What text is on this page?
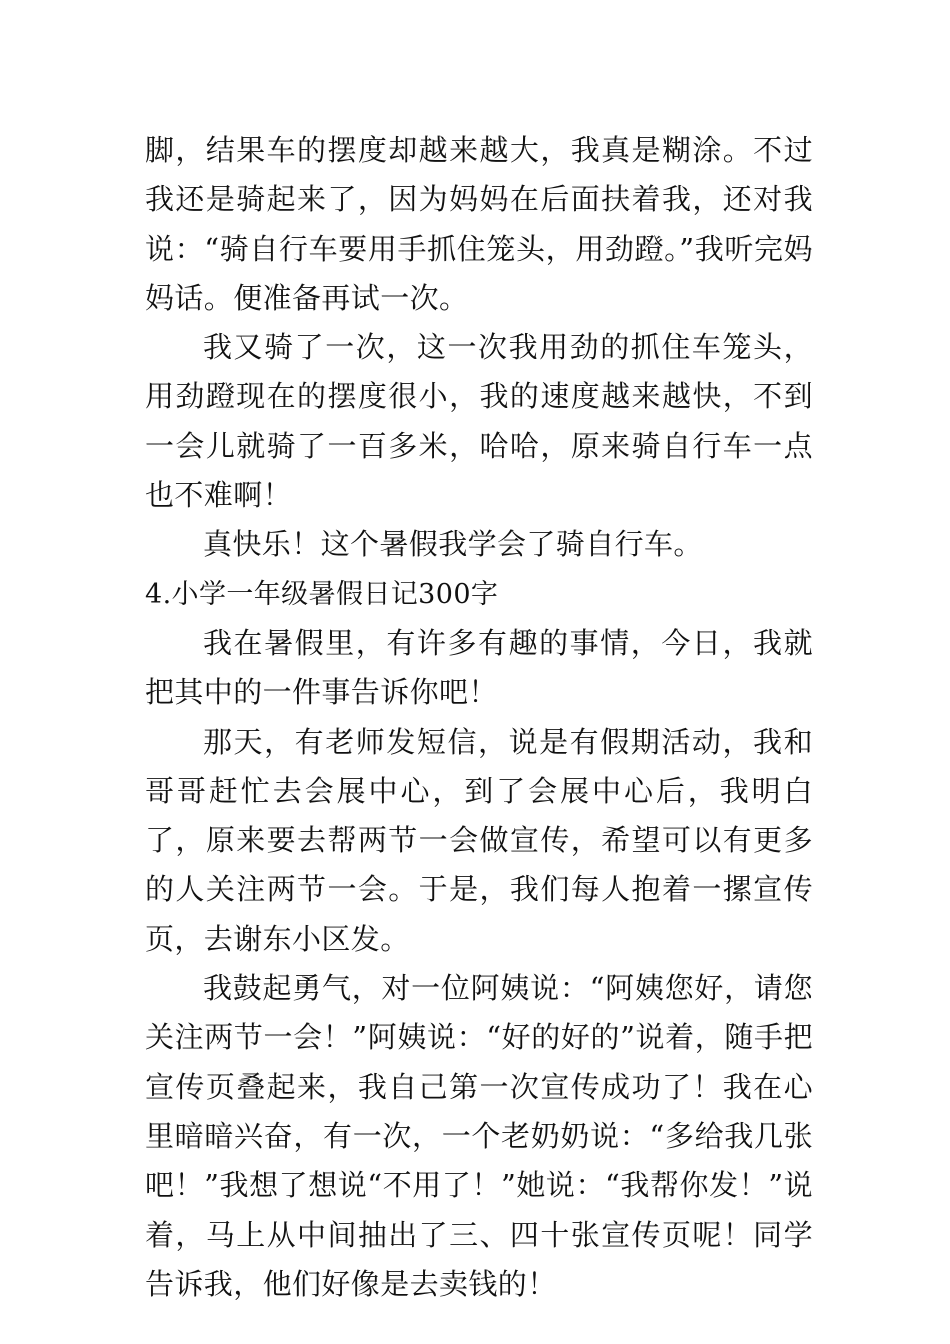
脚，结果车的摆度却越来越大，我真是糊涂。不过我还是骑起来了，因为妈妈在后面扶着我，还对我说：“骑自行车要用手抓住笼头，用劲蹬。”我听完妈妈话。便准备再试一次。

我又骑了一次，这一次我用劲的抓住车笼头，用劲蹬现在的摆度很小，我的速度越来越快，不到一会儿就骑了一百多米，哈哈，原来骑自行车一点也不难啊！

真快乐！这个暑假我学会了骑自行车。

4.小学一年级暑假日记300字

我在暑假里，有许多有趣的事情，今日，我就把其中的一件事告诉你吧！

那天，有老师发短信，说是有假期活动，我和哥哥赶忙去会展中心，到了会展中心后，我明白了，原来要去帮两节一会做宣传，希望可以有更多的人关注两节一会。于是，我们每人抱着一摞宣传页，去谢东小区发。

我鼓起勇气，对一位阿姨说：“阿姨您好，请您关注两节一会！”阿姨说：“好的好的”说着，随手把宣传页叠起来，我自己第一次宣传成功了！我在心里暗暗兴奋，有一次，一个老奶奶说：“多给我几张吧！”我想了想说“不用了！”她说：“我帮你发！”说着，马上从中间抽出了三、四十张宣传页呢！同学告诉我，他们好像是去卖钱的！
